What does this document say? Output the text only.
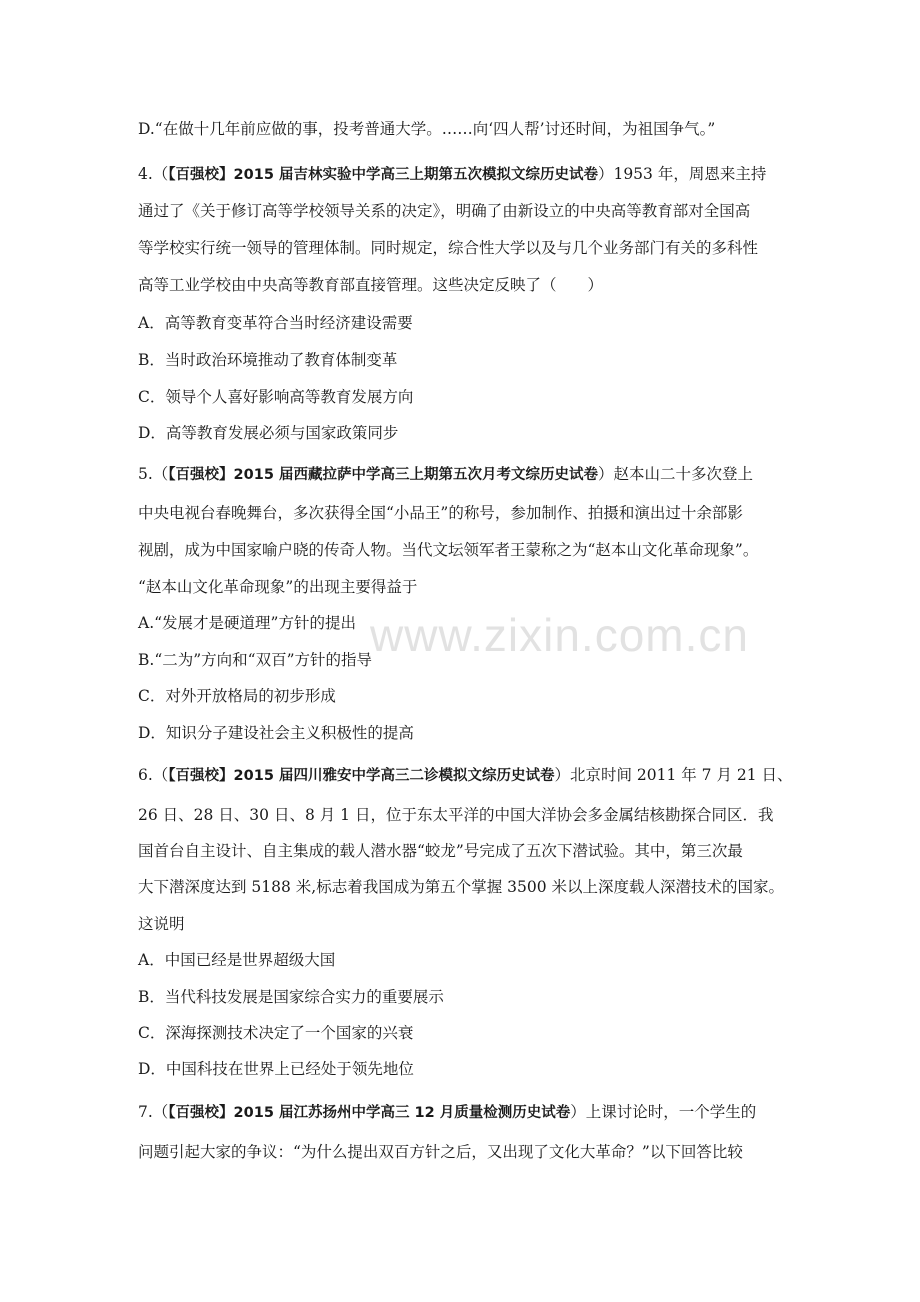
D.“在做十几年前应做的事，投考普通大学。……向‘四人帮’讨还时间，为祖国争气。”
4.（【百强校】2015 届吉林实验中学高三上期第五次模拟文综历史试卷）1953 年，周恩来主持
通过了《关于修订高等学校领导关系的决定》，明确了由新设立的中央高等教育部对全国高
等学校实行统一领导的管理体制。同时规定，综合性大学以及与几个业务部门有关的多科性
高等工业学校由中央高等教育部直接管理。这些决定反映了（　　）
A．高等教育变革符合当时经济建设需要
B．当时政治环境推动了教育体制变革
C．领导个人喜好影响高等教育发展方向
D．高等教育发展必须与国家政策同步
5.（【百强校】2015 届西藏拉萨中学高三上期第五次月考文综历史试卷）赵本山二十多次登上
中央电视台春晚舞台，多次获得全国“小品王”的称号，参加制作、拍摄和演出过十余部影
视剧，成为中国家喻户晓的传奇人物。当代文坛领军者王蒙称之为“赵本山文化革命现象”。
“赵本山文化革命现象”的出现主要得益于
A.“发展才是硬道理”方针的提出
B.“二为”方向和“双百”方针的指导
C．对外开放格局的初步形成
D．知识分子建设社会主义积极性的提高
6.（【百强校】2015 届四川雅安中学高三二诊模拟文综历史试卷）北京时间 2011 年 7 月 21 日、
26 日、28 日、30 日、8 月 1 日，位于东太平洋的中国大洋协会多金属结核勘探合同区．我
国首台自主设计、自主集成的载人潜水器“蛟龙”号完成了五次下潜试验。其中，第三次最
大下潜深度达到 5188 米,标志着我国成为第五个掌握 3500 米以上深度载人深潜技术的国家。
这说明
A．中国已经是世界超级大国
B．当代科技发展是国家综合实力的重要展示
C．深海探测技术决定了一个国家的兴衰
D．中国科技在世界上已经处于领先地位
7.（【百强校】2015 届江苏扬州中学高三 12 月质量检测历史试卷）上课讨论时，一个学生的
问题引起大家的争议：“为什么提出双百方针之后，又出现了文化大革命？”以下回答比较
www.zixin.com.cn
